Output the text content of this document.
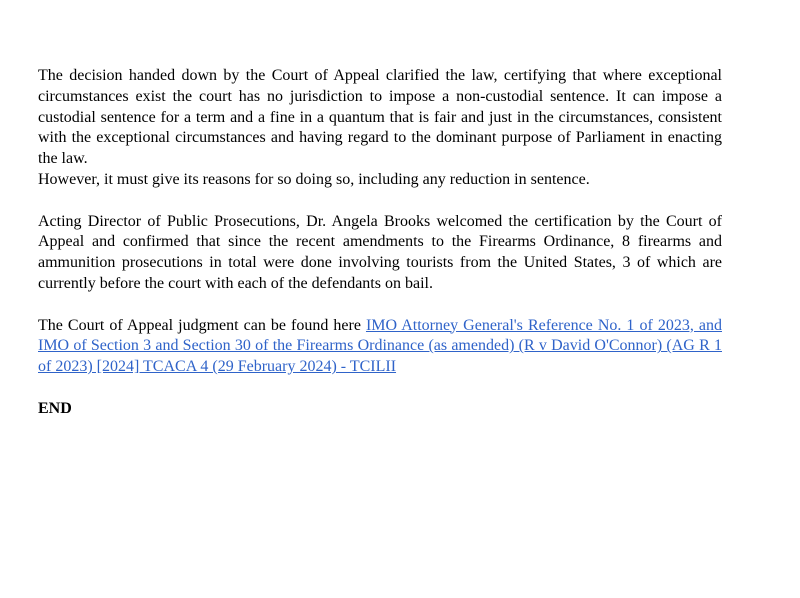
The decision handed down by the Court of Appeal clarified the law, certifying that where exceptional circumstances exist the court has no jurisdiction to impose a non-custodial sentence. It can impose a custodial sentence for a term and a fine in a quantum that is fair and just in the circumstances, consistent with the exceptional circumstances and having regard to the dominant purpose of Parliament in enacting the law.

However, it must give its reasons for so doing so, including any reduction in sentence.

Acting Director of Public Prosecutions, Dr. Angela Brooks welcomed the certification by the Court of Appeal and confirmed that since the recent amendments to the Firearms Ordinance, 8 firearms and ammunition prosecutions in total were done involving tourists from the United States, 3 of which are currently before the court with each of the defendants on bail.

The Court of Appeal judgment can be found here IMO Attorney General's Reference No. 1 of 2023, and IMO of Section 3 and Section 30 of the Firearms Ordinance (as amended) (R v David O'Connor) (AG R 1 of 2023) [2024] TCACA 4 (29 February 2024) - TCILII

END
